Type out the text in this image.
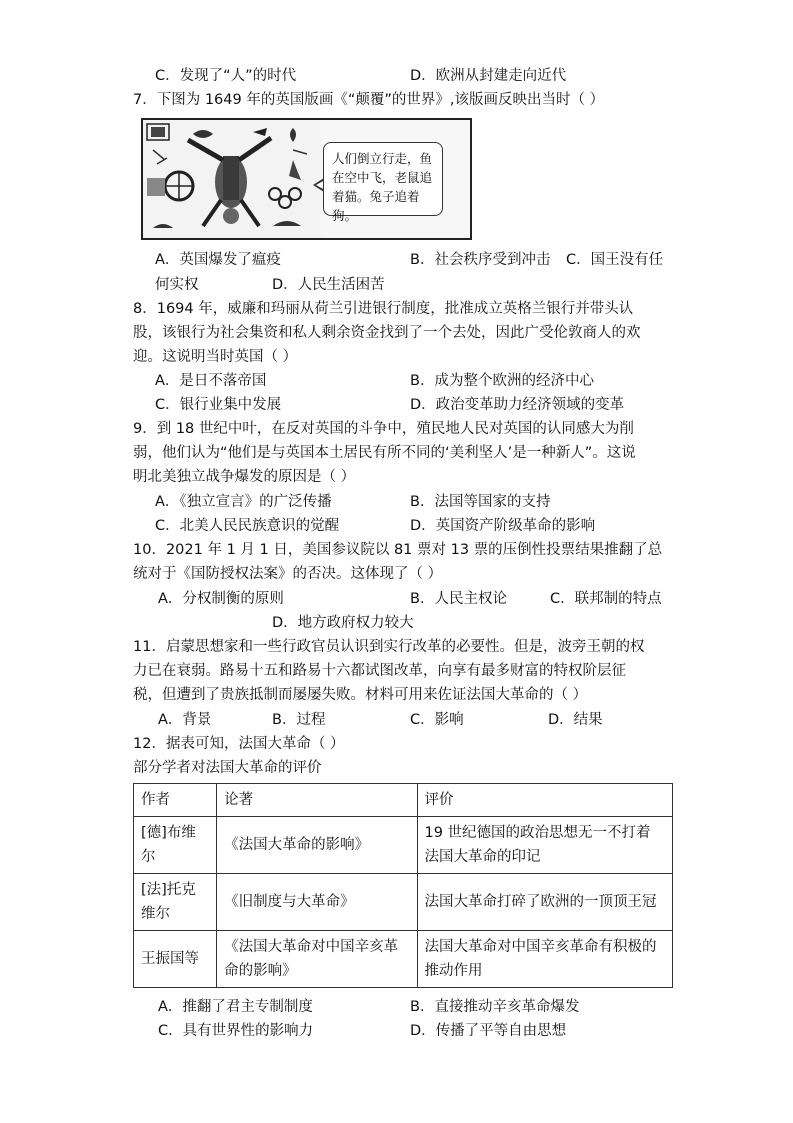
C．发现了“人”的时代	D．欧洲从封建走向近代
7．下图为 1649 年的英国版画《“颠覆”的世界》,该版画反映出当时（ ）
人们倒立行走，鱼在空中飞，老鼠追着猫。兔子追着狗。
A．英国爆发了瘟疫	B．社会秩序受到冲击 C．国王没有任
何实权	D．人民生活困苦
8．1694 年，威廉和玛丽从荷兰引进银行制度，批准成立英格兰银行并带头认
股，该银行为社会集资和私人剩余资金找到了一个去处，因此广受伦敦商人的欢
迎。这说明当时英国（ ）
A．是日不落帝国	B．成为整个欧洲的经济中心
C．银行业集中发展	D．政治变革助力经济领域的变革
9．到 18 世纪中叶，在反对英国的斗争中，殖民地人民对英国的认同感大为削
弱，他们认为“他们是与英国本土居民有所不同的‘美利坚人’是一种新人”。这说
明北美独立战争爆发的原因是（ ）
A．《独立宣言》的广泛传播	B．法国等国家的支持
C．北美人民民族意识的觉醒	D．英国资产阶级革命的影响
10．2021 年 1 月 1 日，美国参议院以 81 票对 13 票的压倒性投票结果推翻了总
统对于《国防授权法案》的否决。这体现了（ ）
A．分权制衡的原则	B．人民主权论	C．联邦制的特点
D．地方政府权力较大
11．启蒙思想家和一些行政官员认识到实行改革的必要性。但是，波旁王朝的权
力已在衰弱。路易十五和路易十六都试图改革，向享有最多财富的特权阶层征
税，但遭到了贵族抵制而屡屡失败。材料可用来佐证法国大革命的（ ）
A．背景	B．过程	C．影响	D．结果
12．据表可知，法国大革命（ ）
部分学者对法国大革命的评价
作者	论著	评价
[德]布维尔	《法国大革命的影响》	19 世纪德国的政治思想无一不打着法国大革命的印记
[法]托克维尔	《旧制度与大革命》	法国大革命打碎了欧洲的一顶顶王冠
王振国等	《法国大革命对中国辛亥革命的影响》	法国大革命对中国辛亥革命有积极的推动作用
A．推翻了君主专制制度	B．直接推动辛亥革命爆发
C．具有世界性的影响力	D．传播了平等自由思想
